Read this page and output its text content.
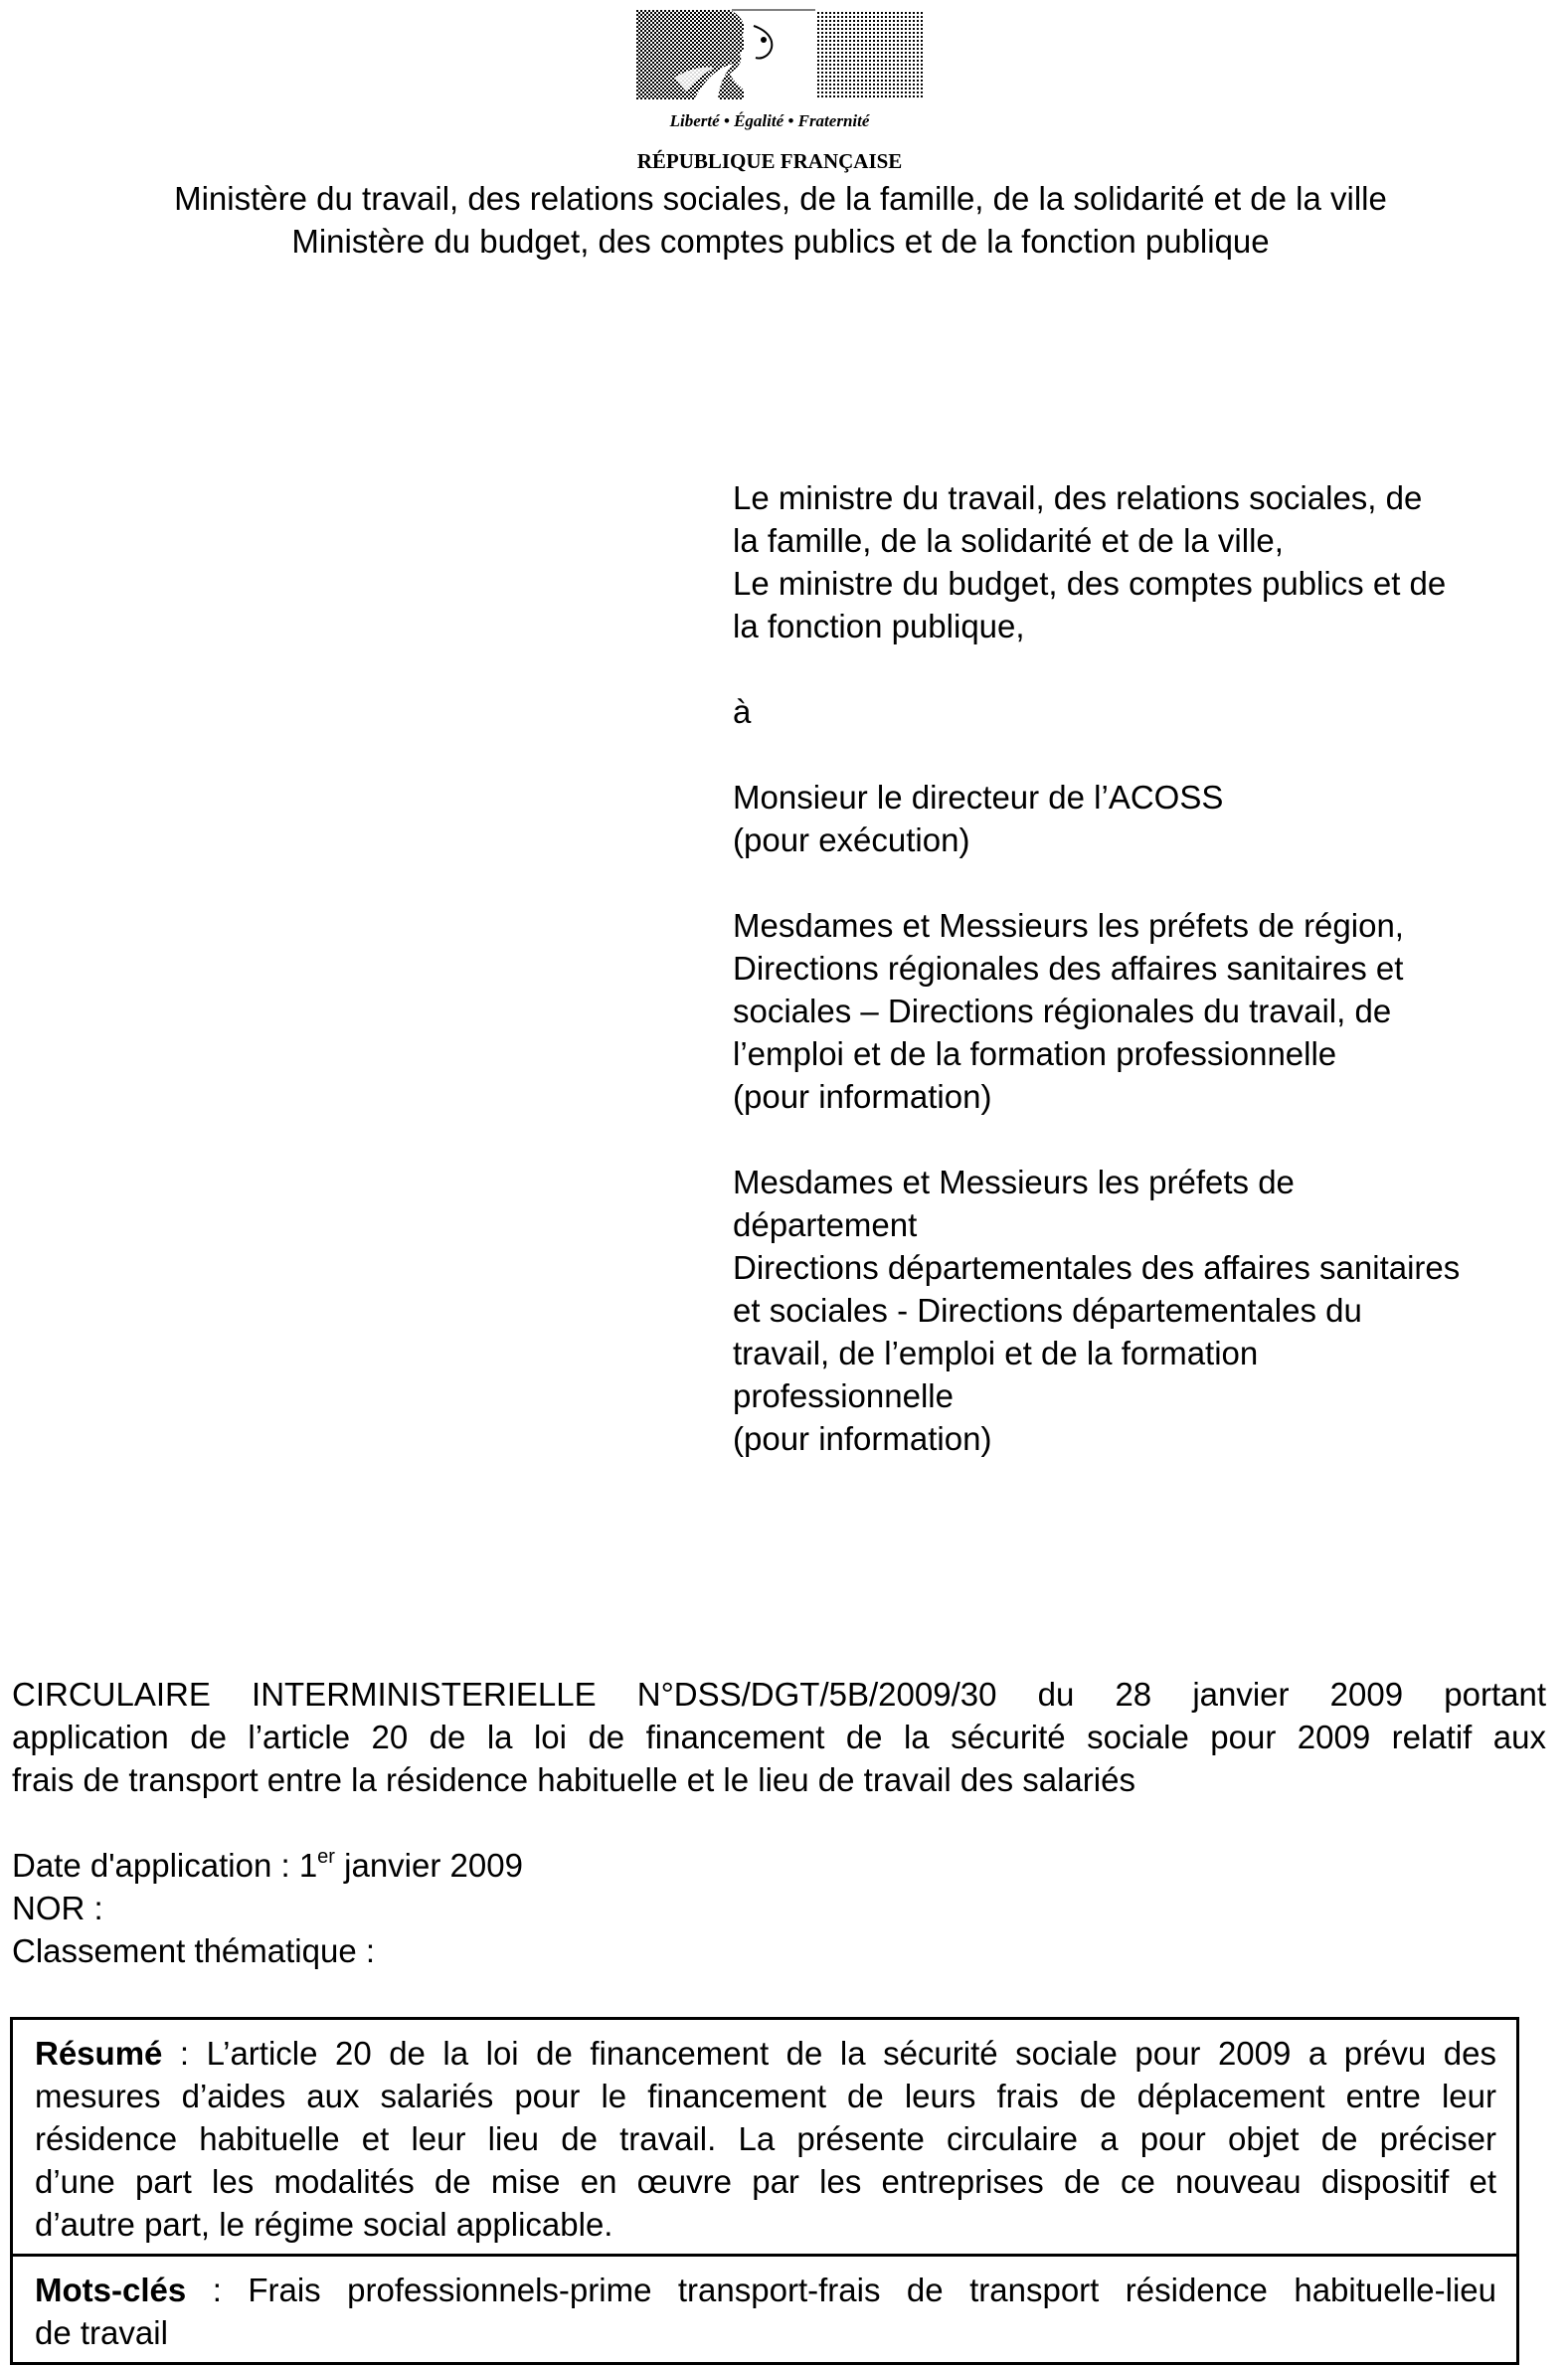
Liberté • Égalité • Fraternité
RÉPUBLIQUE FRANÇAISE
Ministère du travail, des relations sociales, de la famille, de la solidarité et de la ville
Ministère du budget, des comptes publics et de la fonction publique

Le ministre du travail, des relations sociales, de
la famille, de la solidarité et de la ville,
Le ministre du budget, des comptes publics et de
la fonction publique,

à

Monsieur le directeur de l’ACOSS
(pour exécution)

Mesdames et Messieurs les préfets de région,
Directions régionales des affaires sanitaires et
sociales – Directions régionales du travail, de
l’emploi et de la formation professionnelle
(pour information)

Mesdames et Messieurs les préfets de
département
Directions départementales des affaires sanitaires
et sociales - Directions départementales du
travail, de l’emploi et de la formation
professionnelle
(pour information)

CIRCULAIRE INTERMINISTERIELLE N°DSS/DGT/5B/2009/30 du 28 janvier 2009 portant
application de l’article 20 de la loi de financement de la sécurité sociale pour 2009 relatif aux
frais de transport entre la résidence habituelle et le lieu de travail des salariés
Date d'application : 1er janvier 2009
NOR :
Classement thématique :
Résumé : L’article 20 de la loi de financement de la sécurité sociale pour 2009 a prévu des
mesures d’aides aux salariés pour le financement de leurs frais de déplacement entre leur
résidence habituelle et leur lieu de travail. La présente circulaire a pour objet de préciser
d’une part les modalités de mise en œuvre par les entreprises de ce nouveau dispositif et
d’autre part, le régime social applicable.
Mots-clés : Frais professionnels-prime transport-frais de transport résidence habituelle-lieu
de travail
